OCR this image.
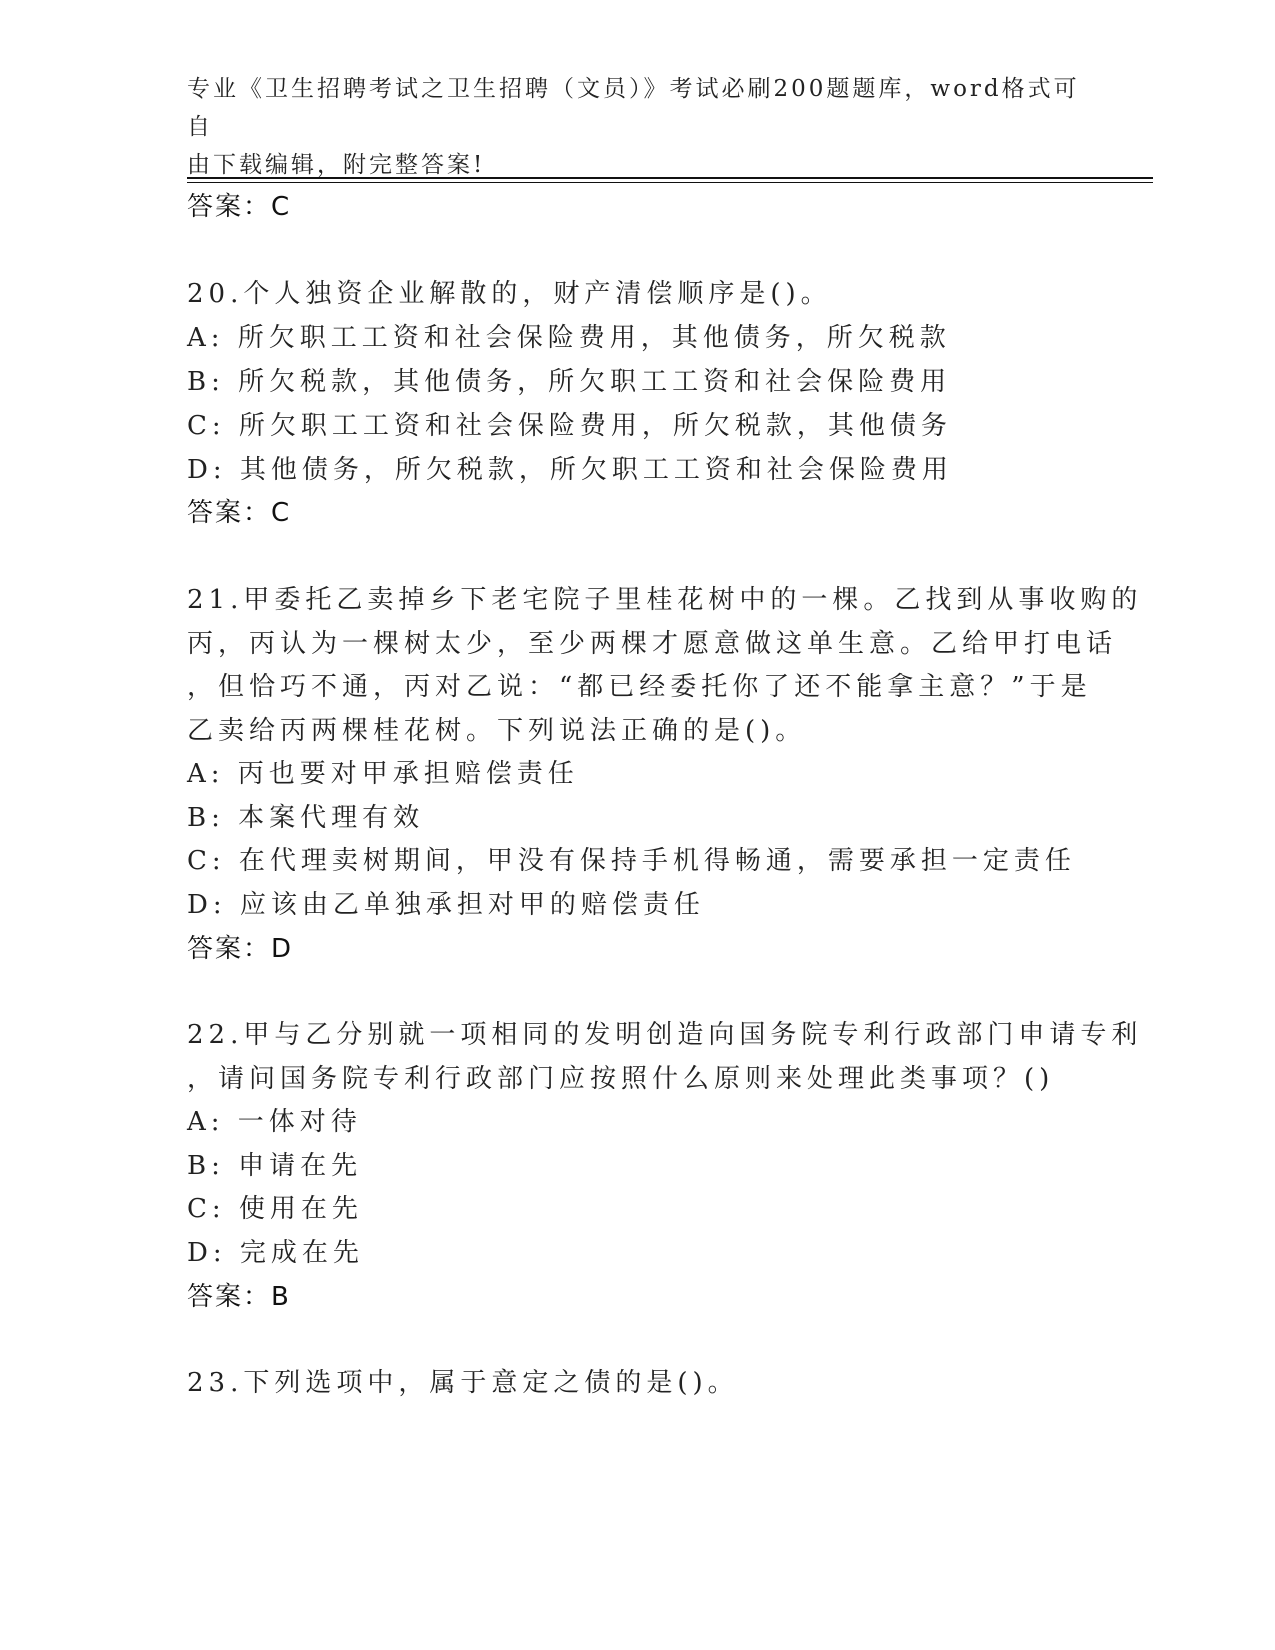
专业《卫生招聘考试之卫生招聘（文员）》考试必刷200题题库，word格式可自
由下载编辑，附完整答案!
答案：C
20.个人独资企业解散的，财产清偿顺序是()。
A: 所欠职工工资和社会保险费用，其他债务，所欠税款
B: 所欠税款，其他债务，所欠职工工资和社会保险费用
C: 所欠职工工资和社会保险费用，所欠税款，其他债务
D: 其他债务，所欠税款，所欠职工工资和社会保险费用
答案：C
21.甲委托乙卖掉乡下老宅院子里桂花树中的一棵。乙找到从事收购的
丙，丙认为一棵树太少，至少两棵才愿意做这单生意。乙给甲打电话
，但恰巧不通，丙对乙说：“都已经委托你了还不能拿主意？”于是
乙卖给丙两棵桂花树。下列说法正确的是()。
A: 丙也要对甲承担赔偿责任
B: 本案代理有效
C: 在代理卖树期间，甲没有保持手机得畅通，需要承担一定责任
D: 应该由乙单独承担对甲的赔偿责任
答案：D
22.甲与乙分别就一项相同的发明创造向国务院专利行政部门申请专利
，请问国务院专利行政部门应按照什么原则来处理此类事项？()
A: 一体对待
B: 申请在先
C: 使用在先
D: 完成在先
答案：B
23.下列选项中，属于意定之债的是()。
